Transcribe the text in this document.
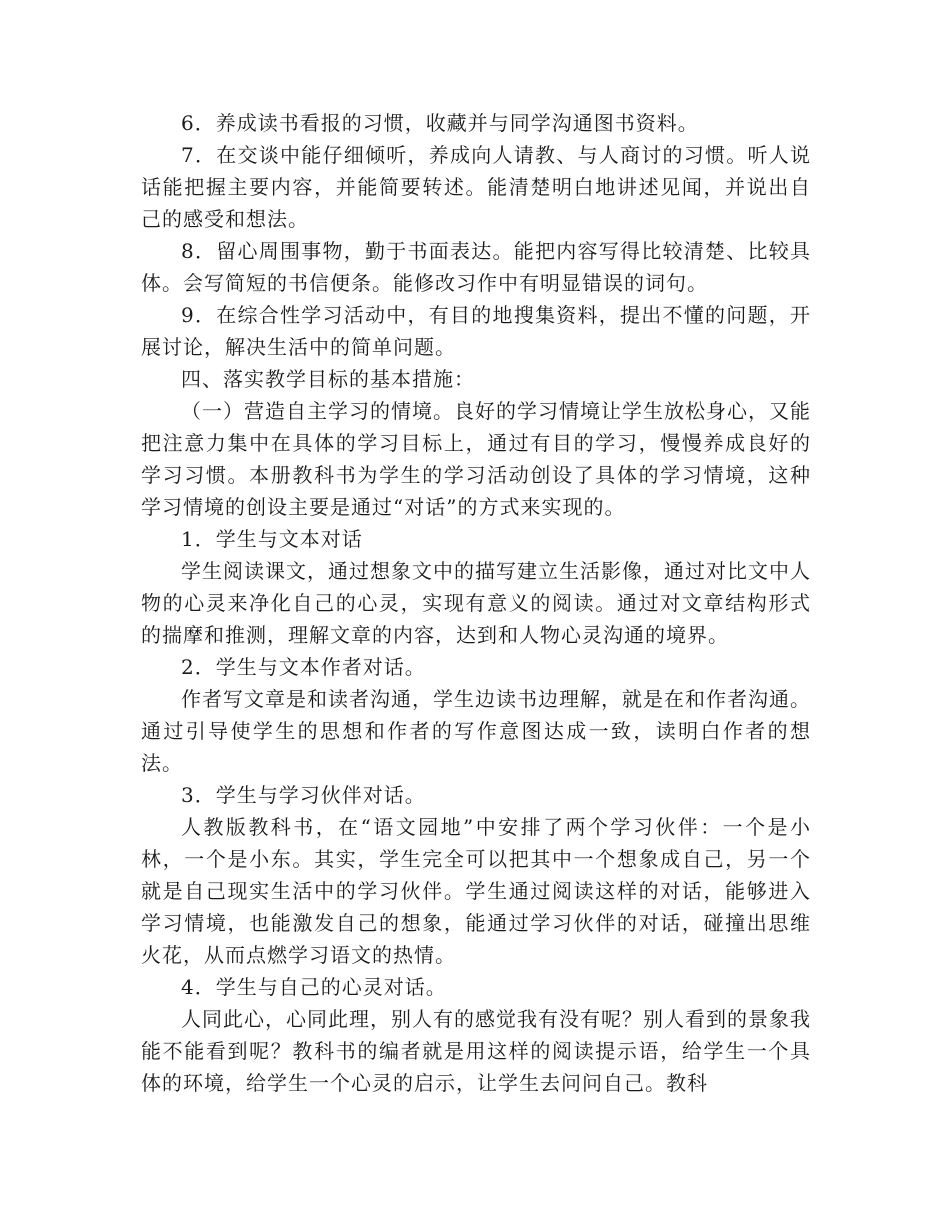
6．养成读书看报的习惯，收藏并与同学沟通图书资料。

7．在交谈中能仔细倾听，养成向人请教、与人商讨的习惯。听人说话能把握主要内容，并能简要转述。能清楚明白地讲述见闻，并说出自己的感受和想法。

8．留心周围事物，勤于书面表达。能把内容写得比较清楚、比较具体。会写简短的书信便条。能修改习作中有明显错误的词句。

9．在综合性学习活动中，有目的地搜集资料，提出不懂的问题，开展讨论，解决生活中的简单问题。

四、落实教学目标的基本措施：

（一）营造自主学习的情境。良好的学习情境让学生放松身心，又能把注意力集中在具体的学习目标上，通过有目的学习，慢慢养成良好的学习习惯。本册教科书为学生的学习活动创设了具体的学习情境，这种学习情境的创设主要是通过“对话”的方式来实现的。

1．学生与文本对话

学生阅读课文，通过想象文中的描写建立生活影像，通过对比文中人物的心灵来净化自己的心灵，实现有意义的阅读。通过对文章结构形式的揣摩和推测，理解文章的内容，达到和人物心灵沟通的境界。

2．学生与文本作者对话。

作者写文章是和读者沟通，学生边读书边理解，就是在和作者沟通。通过引导使学生的思想和作者的写作意图达成一致，读明白作者的想法。

3．学生与学习伙伴对话。

人教版教科书，在“语文园地”中安排了两个学习伙伴：一个是小林，一个是小东。其实，学生完全可以把其中一个想象成自己，另一个就是自己现实生活中的学习伙伴。学生通过阅读这样的对话，能够进入学习情境，也能激发自己的想象，能通过学习伙伴的对话，碰撞出思维火花，从而点燃学习语文的热情。

4．学生与自己的心灵对话。

人同此心，心同此理，别人有的感觉我有没有呢？别人看到的景象我能不能看到呢？教科书的编者就是用这样的阅读提示语，给学生一个具体的环境，给学生一个心灵的启示，让学生去问问自己。教科
